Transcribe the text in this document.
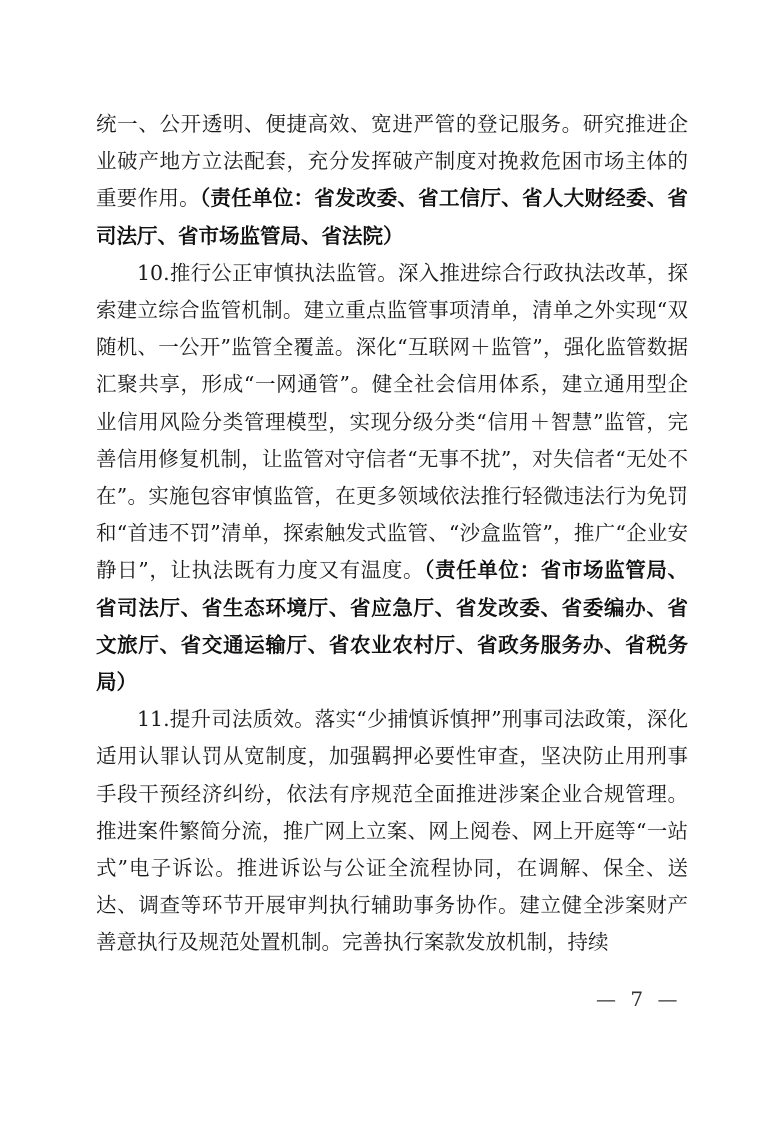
统一、公开透明、便捷高效、宽进严管的登记服务。研究推进企业破产地方立法配套，充分发挥破产制度对挽救危困市场主体的重要作用。（责任单位：省发改委、省工信厅、省人大财经委、省司法厅、省市场监管局、省法院）

10.推行公正审慎执法监管。深入推进综合行政执法改革，探索建立综合监管机制。建立重点监管事项清单，清单之外实现“双随机、一公开”监管全覆盖。深化“互联网＋监管”，强化监管数据汇聚共享，形成“一网通管”。健全社会信用体系，建立通用型企业信用风险分类管理模型，实现分级分类“信用＋智慧”监管，完善信用修复机制，让监管对守信者“无事不扰”，对失信者“无处不在”。实施包容审慎监管，在更多领域依法推行轻微违法行为免罚和“首违不罚”清单，探索触发式监管、“沙盒监管”，推广“企业安静日”，让执法既有力度又有温度。（责任单位：省市场监管局、省司法厅、省生态环境厅、省应急厅、省发改委、省委编办、省文旅厅、省交通运输厅、省农业农村厅、省政务服务办、省税务局）

11.提升司法质效。落实“少捕慎诉慎押”刑事司法政策，深化适用认罪认罚从宽制度，加强羁押必要性审查，坚决防止用刑事手段干预经济纠纷，依法有序规范全面推进涉案企业合规管理。推进案件繁简分流，推广网上立案、网上阅卷、网上开庭等“一站式”电子诉讼。推进诉讼与公证全流程协同，在调解、保全、送达、调查等环节开展审判执行辅助事务协作。建立健全涉案财产善意执行及规范处置机制。完善执行案款发放机制，持续

— 7 —
